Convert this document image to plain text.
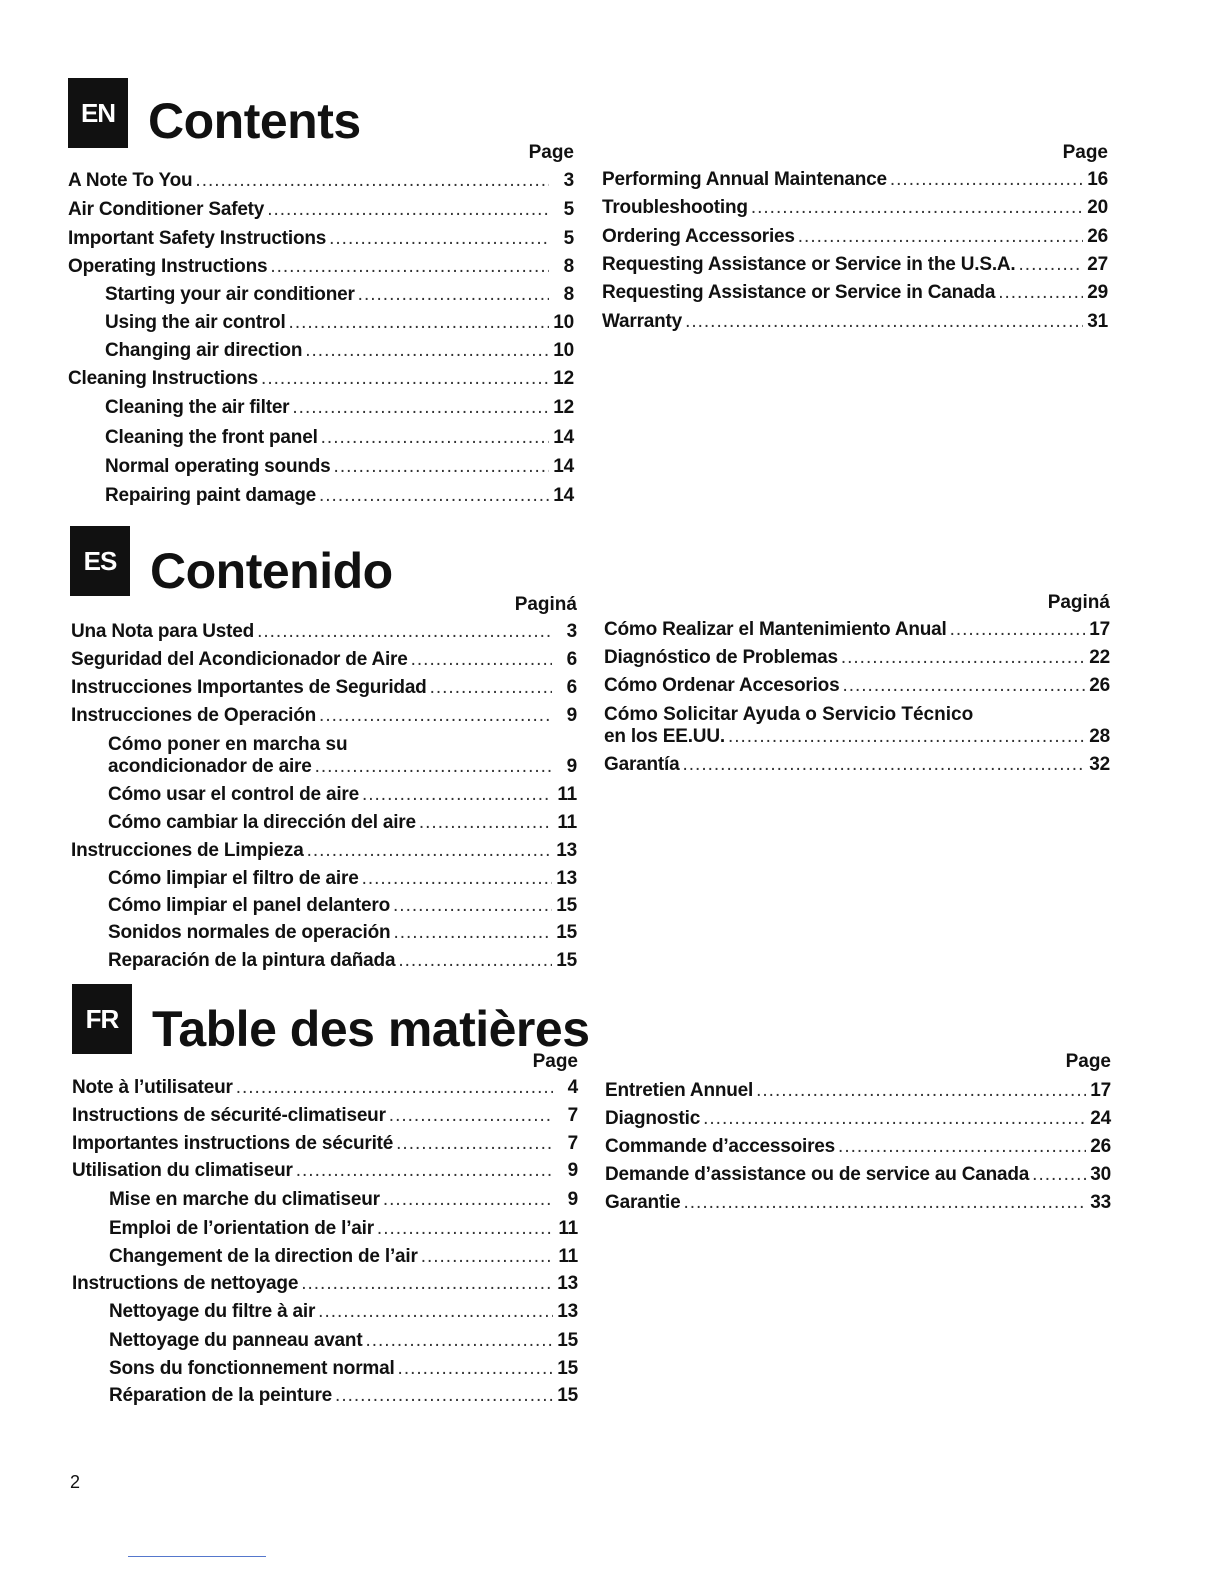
EN Contents
Page
A Note To You .....	3
Air Conditioner Safety .....	5
Important Safety Instructions .....	5
Operating Instructions .....	8
Starting your air conditioner .....	8
Using the air control .....	10
Changing air direction .....	10
Cleaning Instructions .....	12
Cleaning the air filter .....	12
Cleaning the front panel .....	14
Normal operating sounds .....	14
Repairing paint damage .....	14
Page
Performing Annual Maintenance .....	16
Troubleshooting .....	20
Ordering Accessories .....	26
Requesting Assistance or Service in the U.S.A. .....	27
Requesting Assistance or Service in Canada .....	29
Warranty .....	31
ES Contenido
Paginá
Una Nota para Usted .....	3
Seguridad del Acondicionador de Aire .....	6
Instrucciones Importantes de Seguridad .....	6
Instrucciones de Operación .....	9
Cómo poner en marcha su
acondicionador de aire .....	9
Cómo usar el control de aire .....	11
Cómo cambiar la dirección del aire .....	11
Instrucciones de Limpieza .....	13
Cómo limpiar el filtro de aire .....	13
Cómo limpiar el panel delantero .....	15
Sonidos normales de operación .....	15
Reparación de la pintura dañada .....	15
Paginá
Cómo Realizar el Mantenimiento Anual .....	17
Diagnóstico de Problemas .....	22
Cómo Ordenar Accesorios .....	26
Cómo Solicitar Ayuda o Servicio Técnico
en los EE.UU. .....	28
Garantía .....	32
FR Table des matières
Page
Note à l’utilisateur .....	4
Instructions de sécurité-climatiseur .....	7
Importantes instructions de sécurité .....	7
Utilisation du climatiseur .....	9
Mise en marche du climatiseur .....	9
Emploi de l’orientation de l’air .....	11
Changement de la direction de l’air .....	11
Instructions de nettoyage .....	13
Nettoyage du filtre à air .....	13
Nettoyage du panneau avant .....	15
Sons du fonctionnement normal .....	15
Réparation de la peinture .....	15
Page
Entretien Annuel .....	17
Diagnostic .....	24
Commande d’accessoires .....	26
Demande d’assistance ou de service au Canada .....	30
Garantie .....	33
2
